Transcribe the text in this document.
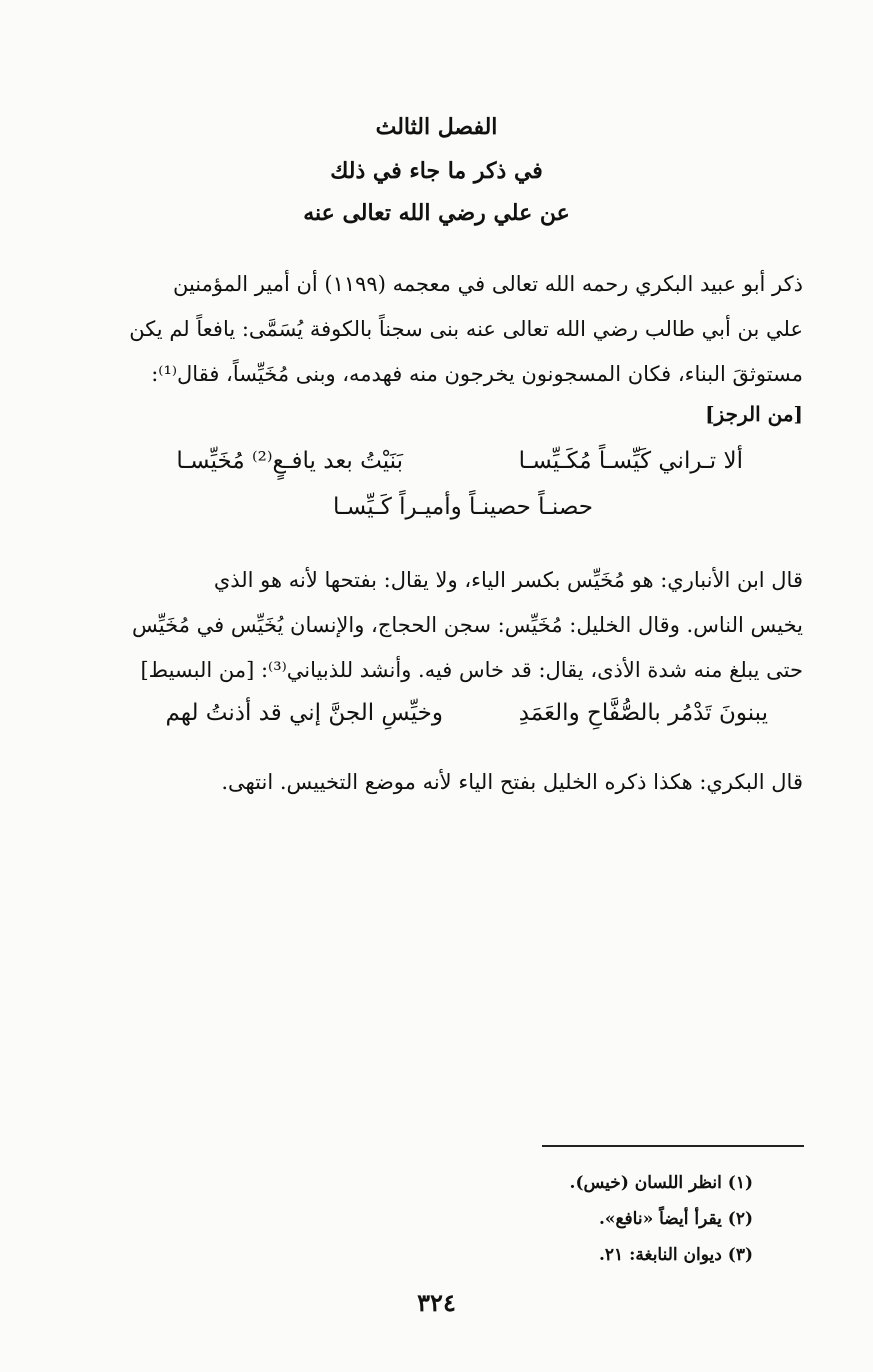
الفصل الثالث
في ذكر ما جاء في ذلك
عن علي رضي الله تعالى عنه
ذكر أبو عبيد البكري رحمه الله تعالى في معجمه (١١٩٩) أن أمير المؤمنين
علي بن أبي طالب رضي الله تعالى عنه بنى سجناً بالكوفة يُسَمَّى: يافعاً لم يكن
مستوثقَ البناء، فكان المسجونون يخرجون منه فهدمه، وبنى مُخَيِّساً، فقال⁽¹⁾:
[من الرجز]
ألا تـراني كَيِّسـاً مُكَـيِّسـا
بَنَيْتُ بعد يافـعٍ⁽²⁾ مُخَيِّسـا
حصنـاً حصينـاً وأميـراً كَـيِّسـا
قال ابن الأنباري: هو مُخَيِّس بكسر الياء، ولا يقال: بفتحها لأنه هو الذي
يخيس الناس. وقال الخليل: مُخَيِّس: سجن الحجاج، والإنسان يُخَيِّس في مُخَيِّس
حتى يبلغ منه شدة الأذى، يقال: قد خاس فيه. وأنشد للذبياني⁽³⁾: [من البسيط]
يبنونَ تَدْمُر بالصُّفَّاحِ والعَمَدِ
وخيِّسِ الجنَّ إني قد أذنتُ لهم
قال البكري: هكذا ذكره الخليل بفتح الياء لأنه موضع التخييس. انتهى.
(١) انظر اللسان (خيس).
(٢) يقرأ أيضاً «نافع».
(٣) ديوان النابغة: ٢١.
٣٢٤
